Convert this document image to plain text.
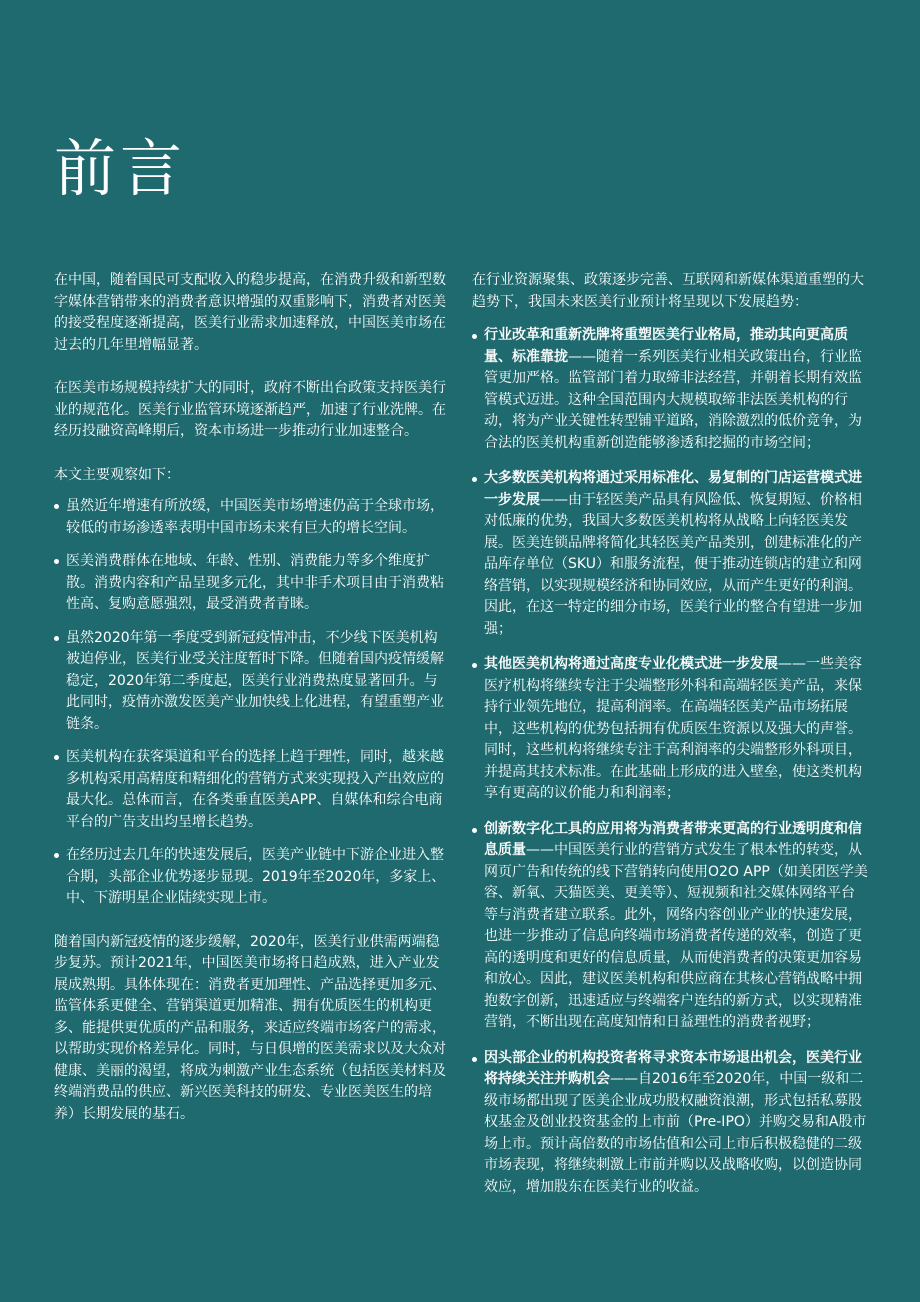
前言

在中国，随着国民可支配收入的稳步提高，在消费升级和新型数字媒体营销带来的消费者意识增强的双重影响下，消费者对医美的接受程度逐渐提高，医美行业需求加速释放，中国医美市场在过去的几年里增幅显著。

在医美市场规模持续扩大的同时，政府不断出台政策支持医美行业的规范化。医美行业监管环境逐渐趋严，加速了行业洗牌。在经历投融资高峰期后，资本市场进一步推动行业加速整合。

本文主要观察如下：

虽然近年增速有所放缓，中国医美市场增速仍高于全球市场，较低的市场渗透率表明中国市场未来有巨大的增长空间。
医美消费群体在地域、年龄、性别、消费能力等多个维度扩散。消费内容和产品呈现多元化，其中非手术项目由于消费粘性高、复购意愿强烈，最受消费者青睐。
虽然2020年第一季度受到新冠疫情冲击，不少线下医美机构被迫停业，医美行业受关注度暂时下降。但随着国内疫情缓解稳定，2020年第二季度起，医美行业消费热度显著回升。与此同时，疫情亦激发医美产业加快线上化进程，有望重塑产业链条。
医美机构在获客渠道和平台的选择上趋于理性，同时，越来越多机构采用高精度和精细化的营销方式来实现投入产出效应的最大化。总体而言，在各类垂直医美APP、自媒体和综合电商平台的广告支出均呈增长趋势。
在经历过去几年的快速发展后，医美产业链中下游企业进入整合期，头部企业优势逐步显现。2019年至2020年，多家上、中、下游明星企业陆续实现上市。

随着国内新冠疫情的逐步缓解，2020年，医美行业供需两端稳步复苏。预计2021年，中国医美市场将日趋成熟，进入产业发展成熟期。具体体现在：消费者更加理性、产品选择更加多元、监管体系更健全、营销渠道更加精准、拥有优质医生的机构更多、能提供更优质的产品和服务，来适应终端市场客户的需求，以帮助实现价格差异化。同时，与日俱增的医美需求以及大众对健康、美丽的渴望，将成为刺激产业生态系统（包括医美材料及终端消费品的供应、新兴医美科技的研发、专业医美医生的培养）长期发展的基石。

在行业资源聚集、政策逐步完善、互联网和新媒体渠道重塑的大趋势下，我国未来医美行业预计将呈现以下发展趋势：

行业改革和重新洗牌将重塑医美行业格局，推动其向更高质量、标准靠拢——随着一系列医美行业相关政策出台，行业监管更加严格。监管部门着力取缔非法经营，并朝着长期有效监管模式迈进。这种全国范围内大规模取缔非法医美机构的行动，将为产业关键性转型铺平道路，消除激烈的低价竞争，为合法的医美机构重新创造能够渗透和挖掘的市场空间；
大多数医美机构将通过采用标准化、易复制的门店运营模式进一步发展——由于轻医美产品具有风险低、恢复期短、价格相对低廉的优势，我国大多数医美机构将从战略上向轻医美发展。医美连锁品牌将简化其轻医美产品类别，创建标准化的产品库存单位（SKU）和服务流程，便于推动连锁店的建立和网络营销，以实现规模经济和协同效应，从而产生更好的利润。因此，在这一特定的细分市场，医美行业的整合有望进一步加强；
其他医美机构将通过高度专业化模式进一步发展——一些美容医疗机构将继续专注于尖端整形外科和高端轻医美产品，来保持行业领先地位，提高利润率。在高端轻医美产品市场拓展中，这些机构的优势包括拥有优质医生资源以及强大的声誉。同时，这些机构将继续专注于高利润率的尖端整形外科项目，并提高其技术标准。在此基础上形成的进入壁垒，使这类机构享有更高的议价能力和利润率；
创新数字化工具的应用将为消费者带来更高的行业透明度和信息质量——中国医美行业的营销方式发生了根本性的转变，从网页广告和传统的线下营销转向使用O2O APP（如美团医学美容、新氧、天猫医美、更美等）、短视频和社交媒体网络平台等与消费者建立联系。此外，网络内容创业产业的快速发展，也进一步推动了信息向终端市场消费者传递的效率，创造了更高的透明度和更好的信息质量，从而使消费者的决策更加容易和放心。因此，建议医美机构和供应商在其核心营销战略中拥抱数字创新，迅速适应与终端客户连结的新方式，以实现精准营销，不断出现在高度知情和日益理性的消费者视野；
因头部企业的机构投资者将寻求资本市场退出机会，医美行业将持续关注并购机会——自2016年至2020年，中国一级和二级市场都出现了医美企业成功股权融资浪潮，形式包括私募股权基金及创业投资基金的上市前（Pre-IPO）并购交易和A股市场上市。预计高倍数的市场估值和公司上市后积极稳健的二级市场表现，将继续刺激上市前并购以及战略收购，以创造协同效应，增加股东在医美行业的收益。
